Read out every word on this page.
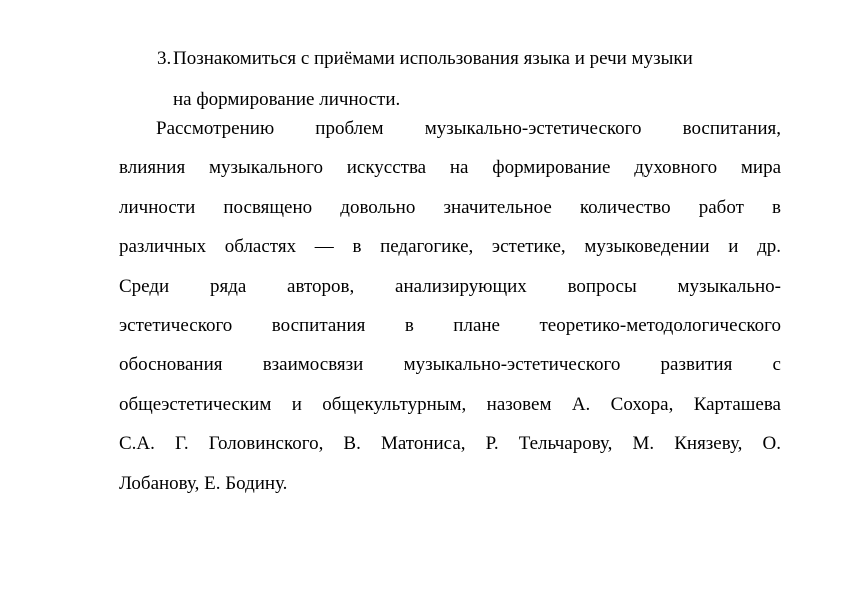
3. Познакомиться с приёмами использования языка и речи музыки
на формирование личности.
Рассмотрению проблем музыкально-эстетического воспитания,
влияния музыкального искусства на формирование духовного мира
личности посвящено довольно значительное количество работ в
различных областях — в педагогике, эстетике, музыковедении и др.
Среди ряда авторов, анализирующих вопросы музыкально-
эстетического воспитания в плане теоретико-методологического
обоснования взаимосвязи музыкально-эстетического развития с
общеэстетическим и общекультурным, назовем А. Сохора, Карташева
С.А. Г. Головинского, В. Матониса, Р. Тельчарову, М. Князеву, О.
Лобанову, Е. Бодину.
